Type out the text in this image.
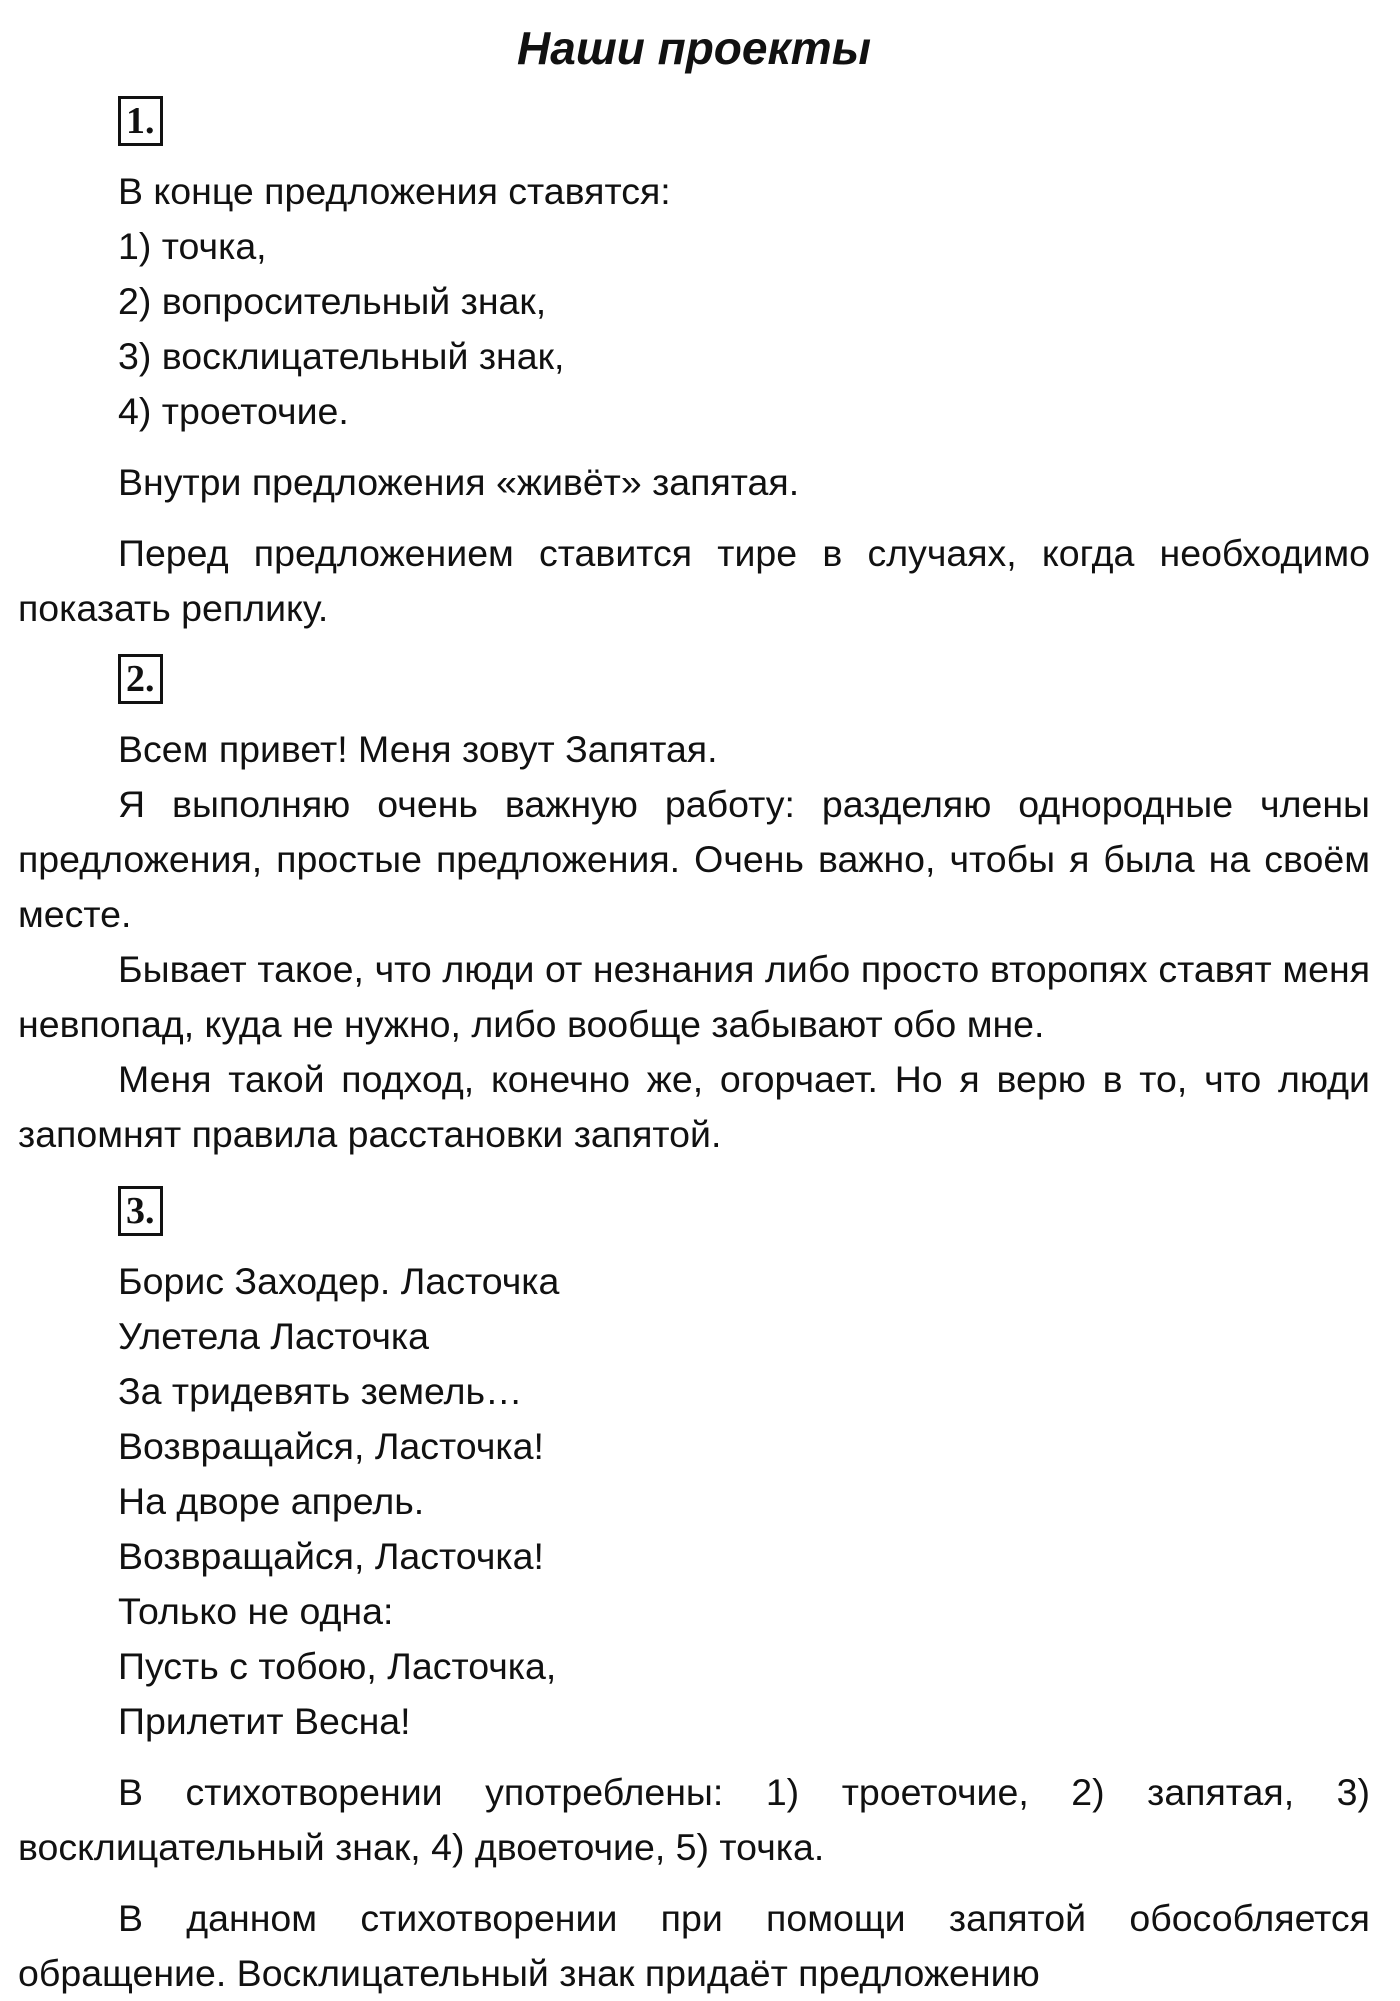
Наши проекты
1.

В конце предложения ставятся:

1) точка,

2) вопросительный знак,

3) восклицательный знак,

4) троеточие.

Внутри предложения «живёт» запятая.

Перед предложением ставится тире в случаях, когда необходимо показать реплику.

2.

Всем привет! Меня зовут Запятая.

Я выполняю очень важную работу: разделяю однородные члены предложения, простые предложения. Очень важно, чтобы я была на своём месте.

Бывает такое, что люди от незнания либо просто второпях ставят меня невпопад, куда не нужно, либо вообще забывают обо мне.

Меня такой подход, конечно же, огорчает. Но я верю в то, что люди запомнят правила расстановки запятой.

3.

Борис Заходер. Ласточка

Улетела Ласточка

За тридевять земель…

Возвращайся, Ласточка!

На дворе апрель.

Возвращайся, Ласточка!

Только не одна:

Пусть с тобою, Ласточка,

Прилетит Весна!

В стихотворении употреблены: 1) троеточие, 2) запятая, 3) восклицательный знак, 4) двоеточие, 5) точка.

В данном стихотворении при помощи запятой обособляется обращение. Восклицательный знак придаёт предложению
